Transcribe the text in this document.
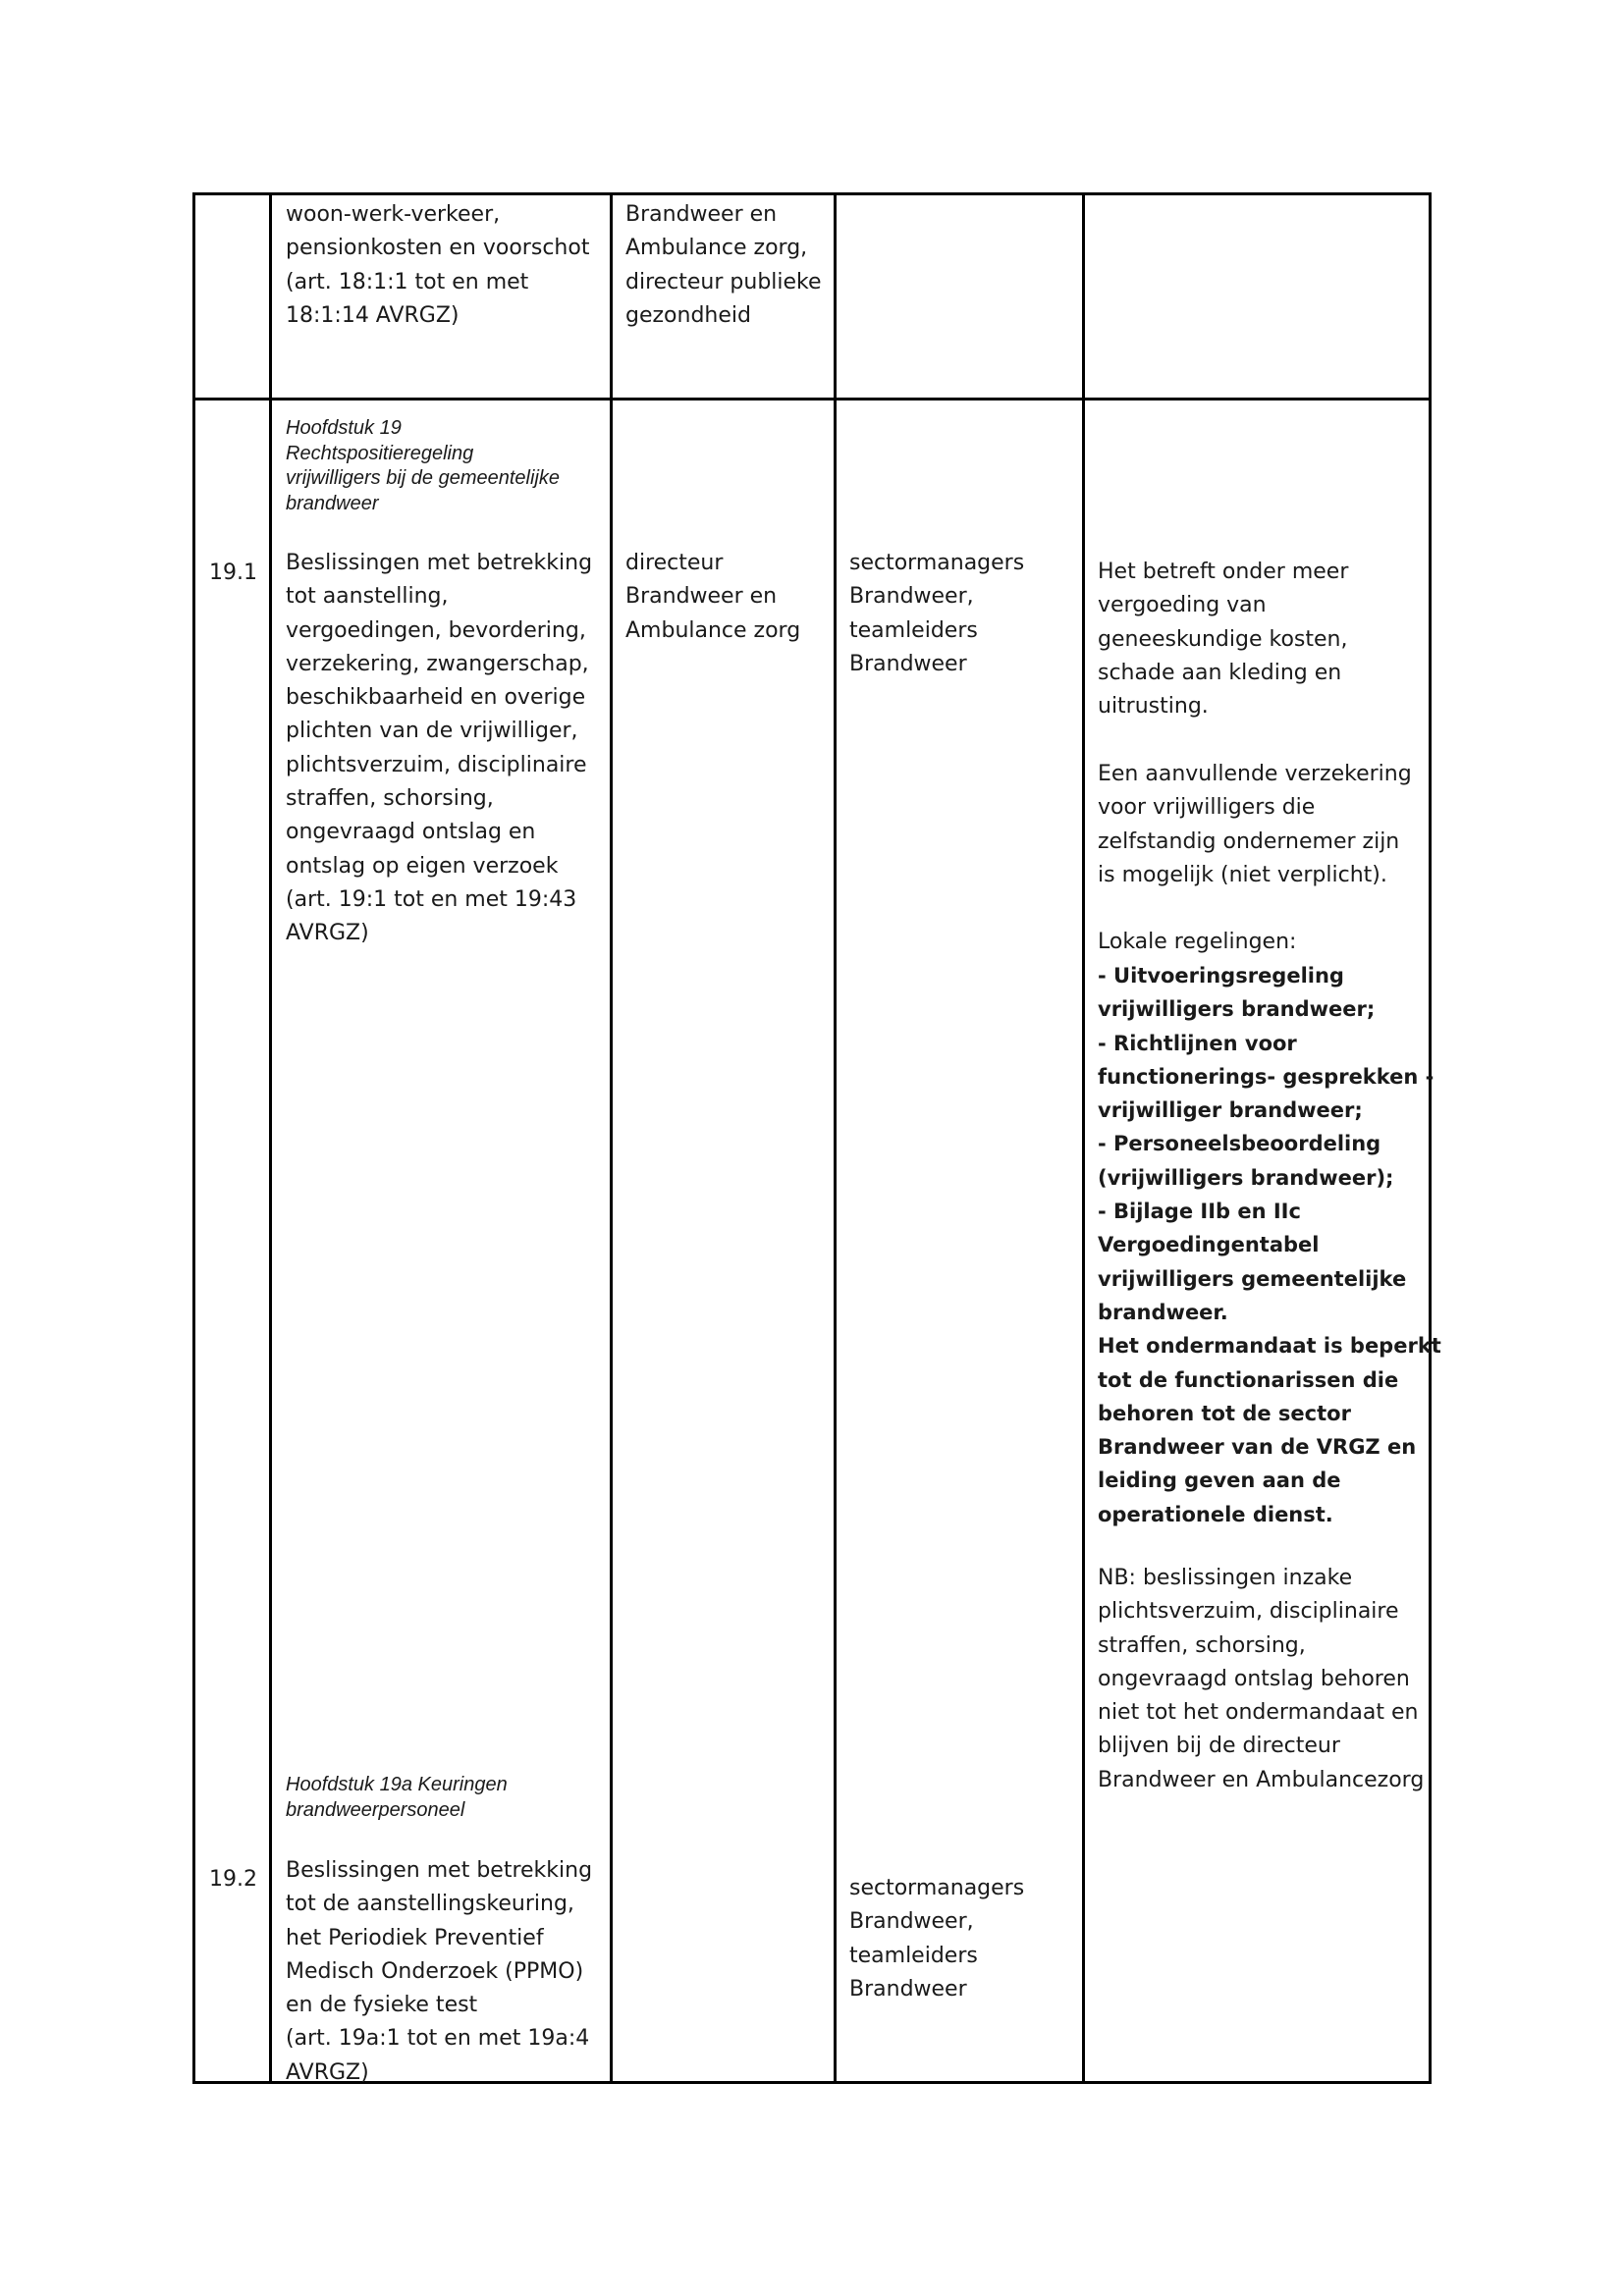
woon-werk-verkeer,
pensionkosten en voorschot
(art. 18:1:1 tot en met
18:1:14 AVRGZ)

Brandweer en
Ambulance zorg,
directeur publieke
gezondheid

Hoofdstuk 19
Rechtspositieregeling
vrijwilligers bij de gemeentelijke
brandweer

19.1 Beslissingen met betrekking
tot aanstelling,
vergoedingen, bevordering,
verzekering, zwangerschap,
beschikbaarheid en overige
plichten van de vrijwilliger,
plichtsverzuim, disciplinaire
straffen, schorsing,
ongevraagd ontslag en
ontslag op eigen verzoek
(art. 19:1 tot en met 19:43
AVRGZ)

directeur
Brandweer en
Ambulance zorg

sectormanagers
Brandweer,
teamleiders
Brandweer

Het betreft onder meer
vergoeding van
geneeskundige kosten,
schade aan kleding en
uitrusting.

Een aanvullende verzekering
voor vrijwilligers die
zelfstandig ondernemer zijn
is mogelijk (niet verplicht).

Lokale regelingen:

- Uitvoeringsregeling
vrijwilligers brandweer;
- Richtlijnen voor
functionerings- gesprekken -
vrijwilliger brandweer;
- Personeelsbeoordeling
(vrijwilligers brandweer);
- Bijlage IIb en IIc
Vergoedingentabel
vrijwilligers gemeentelijke
brandweer.
Het ondermandaat is beperkt
tot de functionarissen die
behoren tot de sector
Brandweer van de VRGZ en
leiding geven aan de
operationele dienst.

NB: beslissingen inzake
plichtsverzuim, disciplinaire
straffen, schorsing,
ongevraagd ontslag behoren
niet tot het ondermandaat en
blijven bij de directeur
Brandweer en Ambulancezorg

Hoofdstuk 19a Keuringen
brandweerpersoneel

19.2 Beslissingen met betrekking
tot de aanstellingskeuring,
het Periodiek Preventief
Medisch Onderzoek (PPMO)
en de fysieke test
(art. 19a:1 tot en met 19a:4
AVRGZ)

sectormanagers
Brandweer,
teamleiders
Brandweer
